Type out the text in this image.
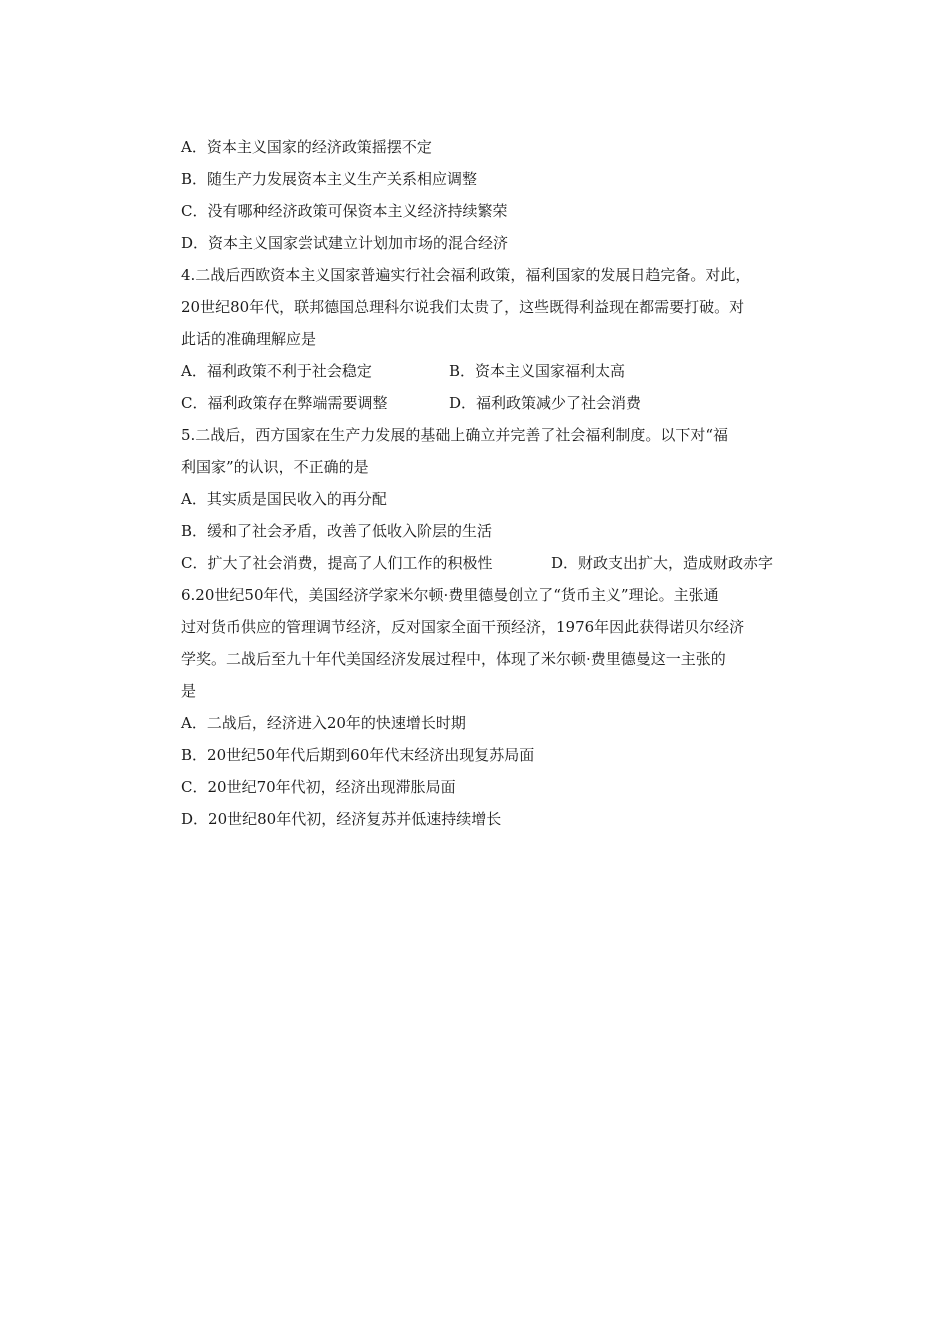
A．资本主义国家的经济政策摇摆不定
B．随生产力发展资本主义生产关系相应调整
C．没有哪种经济政策可保资本主义经济持续繁荣
D．资本主义国家尝试建立计划加市场的混合经济
4.二战后西欧资本主义国家普遍实行社会福利政策，福利国家的发展日趋完备。对此，
20世纪80年代，联邦德国总理科尔说我们太贵了，这些既得利益现在都需要打破。对
此话的准确理解应是
A．福利政策不利于社会稳定	B．资本主义国家福利太高
C．福利政策存在弊端需要调整	D．福利政策减少了社会消费
5.二战后，西方国家在生产力发展的基础上确立并完善了社会福利制度。以下对“福
利国家”的认识，不正确的是
A．其实质是国民收入的再分配
B．缓和了社会矛盾，改善了低收入阶层的生活
C．扩大了社会消费，提高了人们工作的积极性	D．财政支出扩大，造成财政赤字
6.20世纪50年代，美国经济学家米尔顿·费里德曼创立了“货币主义”理论。主张通
过对货币供应的管理调节经济，反对国家全面干预经济，1976年因此获得诺贝尔经济
学奖。二战后至九十年代美国经济发展过程中，体现了米尔顿·费里德曼这一主张的
是
A．二战后，经济进入20年的快速增长时期
B．20世纪50年代后期到60年代末经济出现复苏局面
C．20世纪70年代初，经济出现滞胀局面
D．20世纪80年代初，经济复苏并低速持续增长
